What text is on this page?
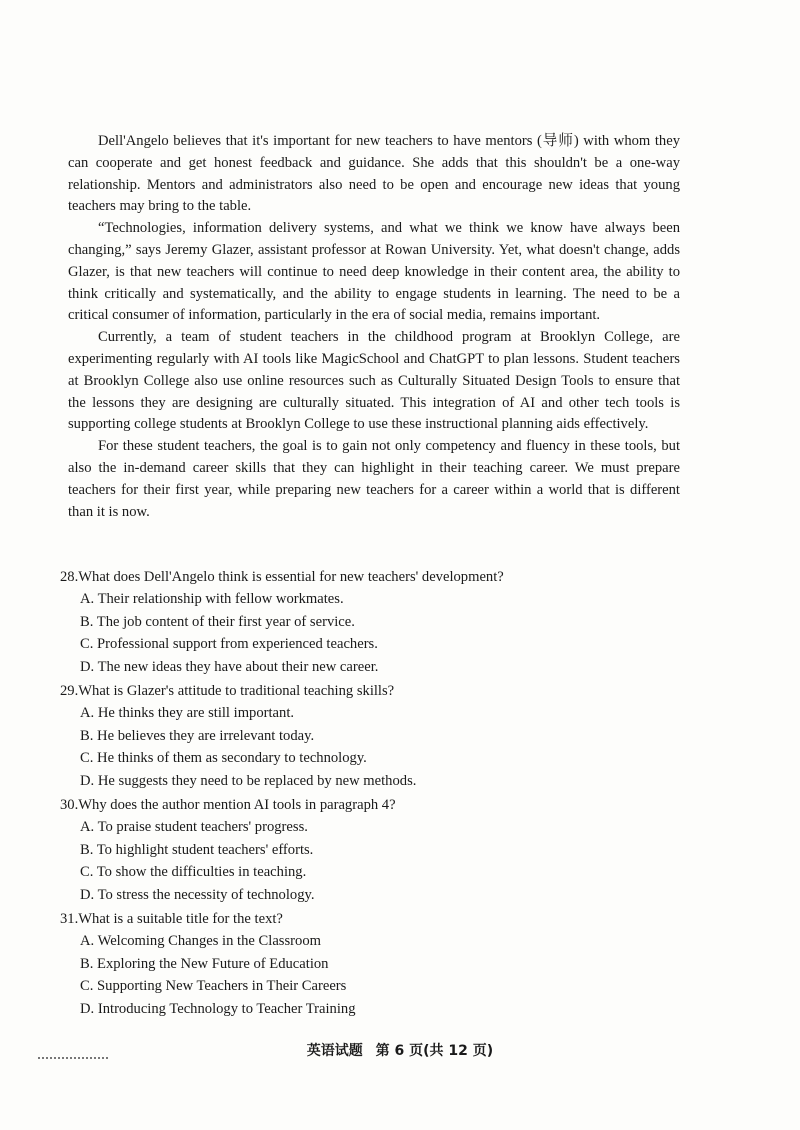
Dell'Angelo believes that it's important for new teachers to have mentors (导师) with whom they can cooperate and get honest feedback and guidance. She adds that this shouldn't be a one-way relationship. Mentors and administrators also need to be open and encourage new ideas that young teachers may bring to the table.

“Technologies, information delivery systems, and what we think we know have always been changing,” says Jeremy Glazer, assistant professor at Rowan University. Yet, what doesn't change, adds Glazer, is that new teachers will continue to need deep knowledge in their content area, the ability to think critically and systematically, and the ability to engage students in learning. The need to be a critical consumer of information, particularly in the era of social media, remains important.

Currently, a team of student teachers in the childhood program at Brooklyn College, are experimenting regularly with AI tools like MagicSchool and ChatGPT to plan lessons. Student teachers at Brooklyn College also use online resources such as Culturally Situated Design Tools to ensure that the lessons they are designing are culturally situated. This integration of AI and other tech tools is supporting college students at Brooklyn College to use these instructional planning aids effectively.

For these student teachers, the goal is to gain not only competency and fluency in these tools, but also the in-demand career skills that they can highlight in their teaching career. We must prepare teachers for their first year, while preparing new teachers for a career within a world that is different than it is now.

28.What does Dell'Angelo think is essential for new teachers' development?
A. Their relationship with fellow workmates.
B. The job content of their first year of service.
C. Professional support from experienced teachers.
D. The new ideas they have about their new career.
29.What is Glazer's attitude to traditional teaching skills?
A. He thinks they are still important.
B. He believes they are irrelevant today.
C. He thinks of them as secondary to technology.
D. He suggests they need to be replaced by new methods.
30.Why does the author mention AI tools in paragraph 4?
A. To praise student teachers' progress.
B. To highlight student teachers' efforts.
C. To show the difficulties in teaching.
D. To stress the necessity of technology.
31.What is a suitable title for the text?
A. Welcoming Changes in the Classroom
B. Exploring the New Future of Education
C. Supporting New Teachers in Their Careers
D. Introducing Technology to Teacher Training
英语试题 第 6 页(共 12 页)
